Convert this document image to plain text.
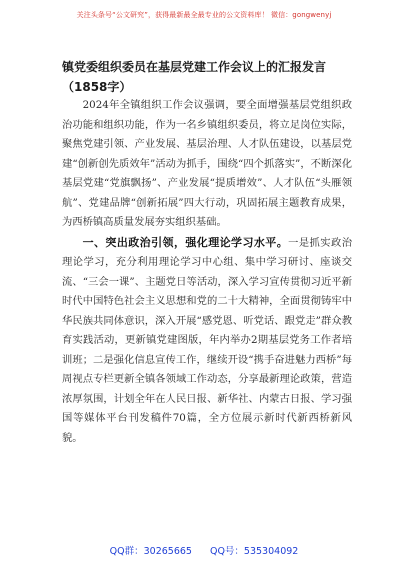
关注头条号“公文研究”，获得最新最全最专业的公文资料库！ 微信：gongwenyj
镇党委组织委员在基层党建工作会议上的汇报发言（1858字）

2024年全镇组织工作会议强调，要全面增强基层党组织政治功能和组织功能，作为一名乡镇组织委员，将立足岗位实际，聚焦党建引领、产业发展、基层治理、人才队伍建设，以基层党建“创新创先质效年”活动为抓手，围绕“四个抓落实”，不断深化基层党建“党旗飘扬”、产业发展“提质增效”、人才队伍“头雁领航”、党建品牌“创新拓展”四大行动，巩固拓展主题教育成果，为西桥镇高质量发展夯实组织基础。

一、突出政治引领，强化理论学习水平。一是抓实政治理论学习，充分利用理论学习中心组、集中学习研讨、座谈交流、“三会一课”、主题党日等活动，深入学习宣传贯彻习近平新时代中国特色社会主义思想和党的二十大精神，全面贯彻铸牢中华民族共同体意识，深入开展“感党恩、听党话、跟党走”群众教育实践活动，更新镇党建图版，年内举办2期基层党务工作者培训班；二是强化信息宣传工作，继续开设“携手奋进魅力西桥”每周视点专栏更新全镇各领域工作动态，分享最新理论政策，营造浓厚氛围，计划全年在人民日报、新华社、内蒙古日报、学习强国等媒体平台刊发稿件70篇，全方位展示新时代新西桥新风貌。

QQ群：30265665 QQ号：535304092
